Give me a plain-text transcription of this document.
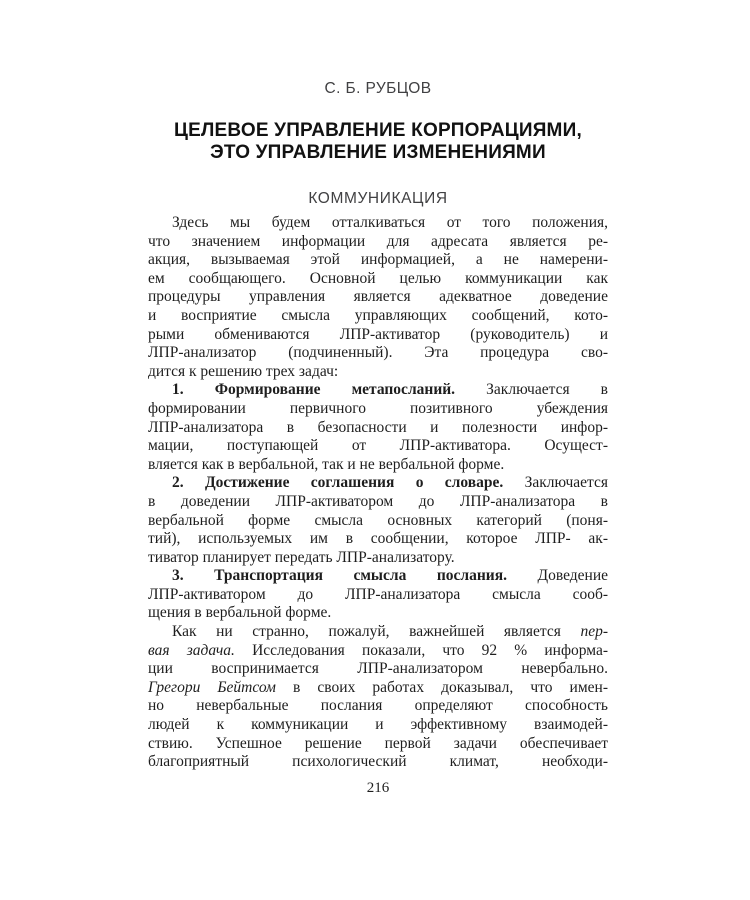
С. Б. РУБЦОВ
ЦЕЛЕВОЕ УПРАВЛЕНИЕ КОРПОРАЦИЯМИ,
ЭТО УПРАВЛЕНИЕ ИЗМЕНЕНИЯМИ
КОММУНИКАЦИЯ
Здесь мы будем отталкиваться от того положения,
что значением информации для адресата является ре-
акция, вызываемая этой информацией, а не намерени-
ем сообщающего. Основной целью коммуникации как
процедуры управления является адекватное доведение
и восприятие смысла управляющих сообщений, кото-
рыми обмениваются ЛПР-активатор (руководитель) и
ЛПР-анализатор (подчиненный). Эта процедура сво-
дится к решению трех задач:
1. Формирование метапосланий. Заключается в
формировании первичного позитивного убеждения
ЛПР-анализатора в безопасности и полезности инфор-
мации, поступающей от ЛПР-активатора. Осущест-
вляется как в вербальной, так и не вербальной форме.
2. Достижение соглашения о словаре. Заключается
в доведении ЛПР-активатором до ЛПР-анализатора в
вербальной форме смысла основных категорий (поня-
тий), используемых им в сообщении, которое ЛПР- ак-
тиватор планирует передать ЛПР-анализатору.
3. Транспортация смысла послания. Доведение
ЛПР-активатором до ЛПР-анализатора смысла сооб-
щения в вербальной форме.
Как ни странно, пожалуй, важнейшей является пер-
вая задача. Исследования показали, что 92 % информа-
ции воспринимается ЛПР-анализатором невербально.
Грегори Бейтсом в своих работах доказывал, что имен-
но невербальные послания определяют способность
людей к коммуникации и эффективному взаимодей-
ствию. Успешное решение первой задачи обеспечивает
благоприятный психологический климат, необходи-
216
